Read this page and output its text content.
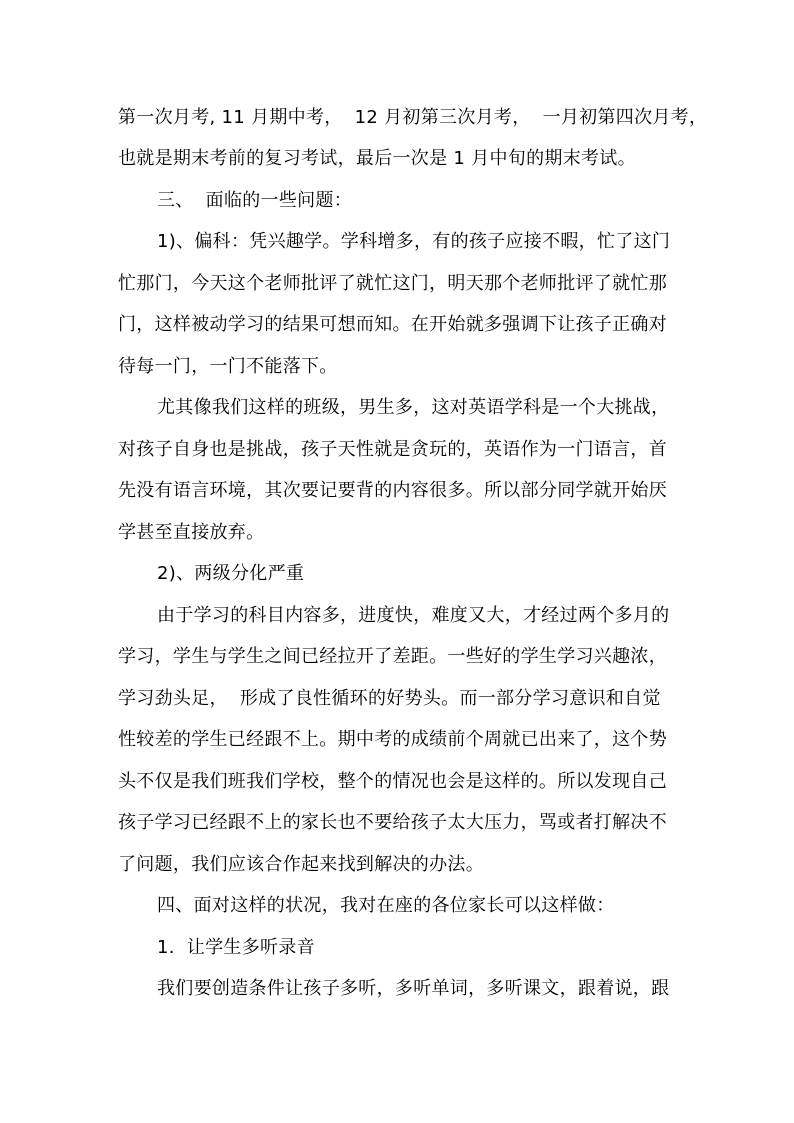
第一次月考, 11 月期中考，  12 月初第三次月考，  一月初第四次月考，
也就是期末考前的复习考试，最后一次是 1 月中旬的期末考试。
三、  面临的一些问题：
1)、偏科：凭兴趣学。学科增多，有的孩子应接不暇，忙了这门
忙那门，今天这个老师批评了就忙这门，明天那个老师批评了就忙那
门，这样被动学习的结果可想而知。在开始就多强调下让孩子正确对
待每一门，一门不能落下。
尤其像我们这样的班级，男生多，这对英语学科是一个大挑战，
对孩子自身也是挑战，孩子天性就是贪玩的，英语作为一门语言，首
先没有语言环境，其次要记要背的内容很多。所以部分同学就开始厌
学甚至直接放弃。
2)、两级分化严重
由于学习的科目内容多，进度快，难度又大，才经过两个多月的
学习，学生与学生之间已经拉开了差距。一些好的学生学习兴趣浓，
学习劲头足，  形成了良性循环的好势头。而一部分学习意识和自觉
性较差的学生已经跟不上。期中考的成绩前个周就已出来了，这个势
头不仅是我们班我们学校，整个的情况也会是这样的。所以发现自己
孩子学习已经跟不上的家长也不要给孩子太大压力，骂或者打解决不
了问题，我们应该合作起来找到解决的办法。
四、面对这样的状况，我对在座的各位家长可以这样做：
1.  让学生多听录音
我们要创造条件让孩子多听，多听单词，多听课文，跟着说，跟
